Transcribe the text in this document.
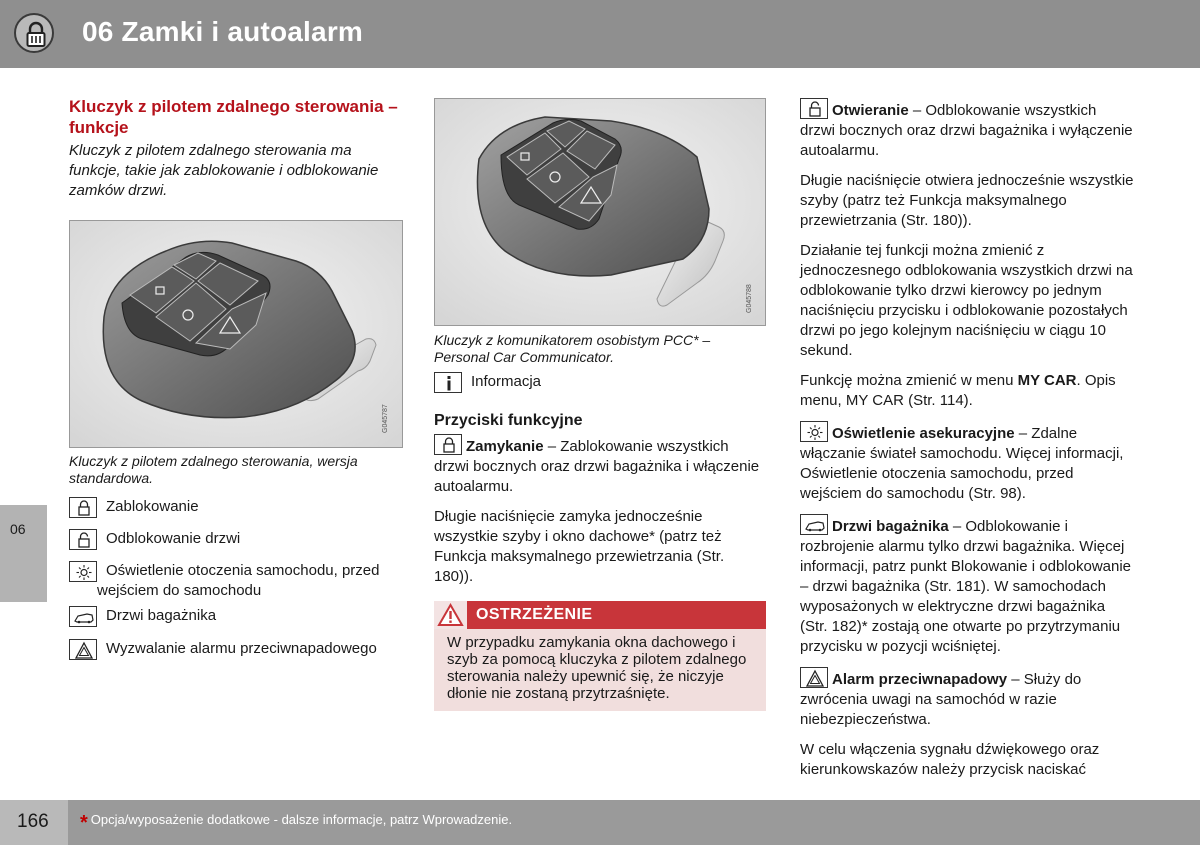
06 Zamki i autoalarm
06
Kluczyk z pilotem zdalnego sterowania – funkcje
Kluczyk z pilotem zdalnego sterowania ma funkcje, takie jak zablokowanie i odblokowanie zamków drzwi.
G045787
Kluczyk z pilotem zdalnego sterowania, wersja standardowa.
Zablokowanie
Odblokowanie drzwi
Oświetlenie otoczenia samochodu, przed wejściem do samochodu
Drzwi bagażnika
Wyzwalanie alarmu przeciwnapadowego
G045788
Kluczyk z komunikatorem osobistym PCC* – Personal Car Communicator.
Informacja
Przyciski funkcyjne

Zamykanie – Zablokowanie wszystkich drzwi bocznych oraz drzwi bagażnika i włączenie autoalarmu.

Długie naciśnięcie zamyka jednocześnie wszystkie szyby i okno dachowe* (patrz też Funkcja maksymalnego przewietrzania (Str. 180)).

OSTRZEŻENIE
W przypadku zamykania okna dachowego i szyb za pomocą kluczyka z pilotem zdalnego sterowania należy upewnić się, że niczyje dłonie nie zostaną przytrzaśnięte.

Otwieranie – Odblokowanie wszystkich drzwi bocznych oraz drzwi bagażnika i wyłączenie autoalarmu.

Długie naciśnięcie otwiera jednocześnie wszystkie szyby (patrz też Funkcja maksymalnego przewietrzania (Str. 180)).

Działanie tej funkcji można zmienić z jednoczesnego odblokowania wszystkich drzwi na odblokowanie tylko drzwi kierowcy po jednym naciśnięciu przycisku i odblokowanie pozostałych drzwi po jego kolejnym naciśnięciu w ciągu 10 sekund.

Funkcję można zmienić w menu MY CAR. Opis menu, MY CAR (Str. 114).

Oświetlenie asekuracyjne – Zdalne włączanie świateł samochodu. Więcej informacji, Oświetlenie otoczenia samochodu, przed wejściem do samochodu (Str. 98).

Drzwi bagażnika – Odblokowanie i rozbrojenie alarmu tylko drzwi bagażnika. Więcej informacji, patrz punkt Blokowanie i odblokowanie – drzwi bagażnika (Str. 181). W samochodach wyposażonych w elektryczne drzwi bagażnika (Str. 182)* zostają one otwarte po przytrzymaniu przycisku w pozycji wciśniętej.

Alarm przeciwnapadowy – Służy do zwrócenia uwagi na samochód w razie niebezpieczeństwa.

W celu włączenia sygnału dźwiękowego oraz kierunkowskazów należy przycisk naciskać

166 * Opcja/wyposażenie dodatkowe - dalsze informacje, patrz Wprowadzenie.
